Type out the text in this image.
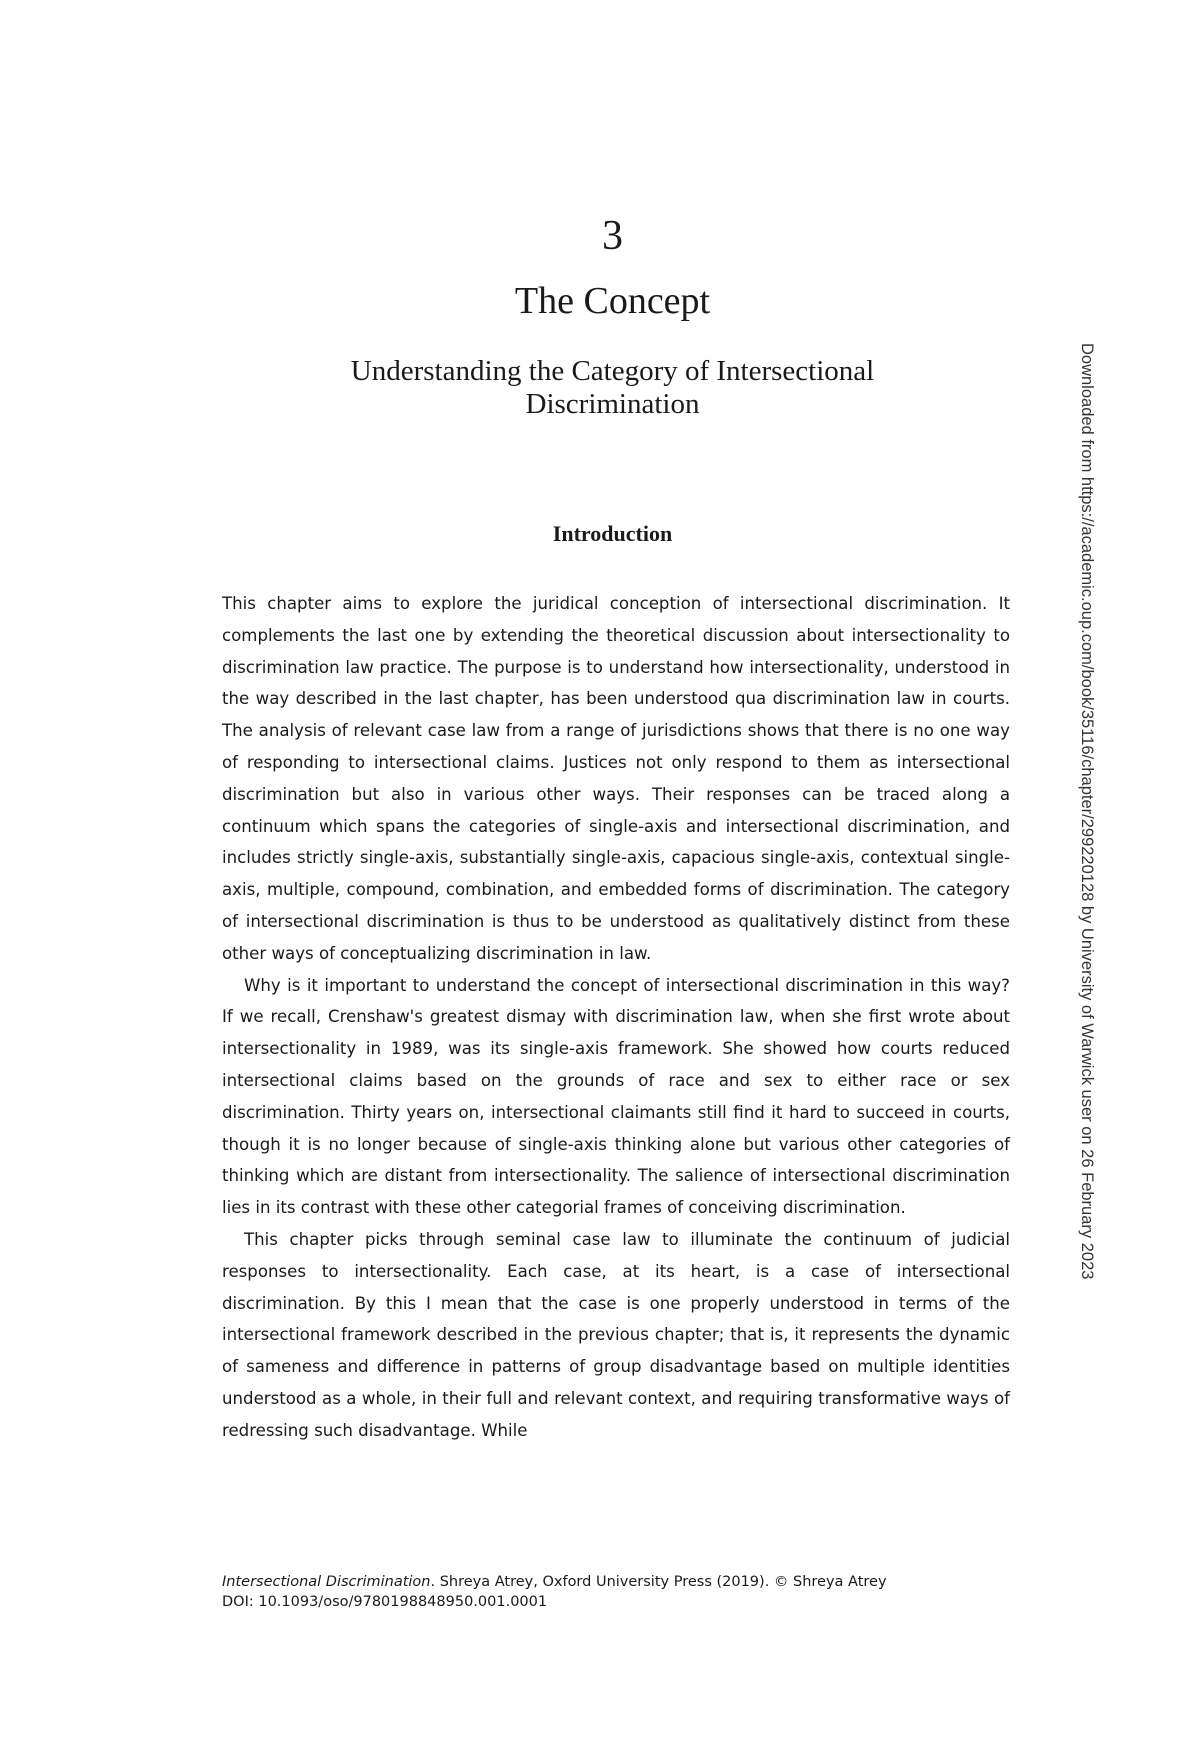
3
The Concept
Understanding the Category of Intersectional Discrimination
Introduction

This chapter aims to explore the juridical conception of intersectional discrimination. It complements the last one by extending the theoretical discussion about intersectionality to discrimination law practice. The purpose is to understand how intersectionality, understood in the way described in the last chapter, has been understood qua discrimination law in courts. The analysis of relevant case law from a range of jurisdictions shows that there is no one way of responding to intersectional claims. Justices not only respond to them as intersectional discrimination but also in various other ways. Their responses can be traced along a continuum which spans the categories of single-axis and intersectional discrimination, and includes strictly single-axis, substantially single-axis, capacious single-axis, contextual single-axis, multiple, compound, combination, and embedded forms of discrimination. The category of intersectional discrimination is thus to be understood as qualitatively distinct from these other ways of conceptualizing discrimination in law.

Why is it important to understand the concept of intersectional discrimination in this way? If we recall, Crenshaw's greatest dismay with discrimination law, when she first wrote about intersectionality in 1989, was its single-axis framework. She showed how courts reduced intersectional claims based on the grounds of race and sex to either race or sex discrimination. Thirty years on, intersectional claimants still find it hard to succeed in courts, though it is no longer because of single-axis thinking alone but various other categories of thinking which are distant from intersectionality. The salience of intersectional discrimination lies in its contrast with these other categorial frames of conceiving discrimination.

This chapter picks through seminal case law to illuminate the continuum of judicial responses to intersectionality. Each case, at its heart, is a case of intersectional discrimination. By this I mean that the case is one properly understood in terms of the intersectional framework described in the previous chapter; that is, it represents the dynamic of sameness and difference in patterns of group disadvantage based on multiple identities understood as a whole, in their full and relevant context, and requiring transformative ways of redressing such disadvantage. While

Intersectional Discrimination. Shreya Atrey, Oxford University Press (2019). © Shreya Atrey
DOI: 10.1093/oso/9780198848950.001.0001
Downloaded from https://academic.oup.com/book/35116/chapter/299220128 by University of Warwick user on 26 February 2023
